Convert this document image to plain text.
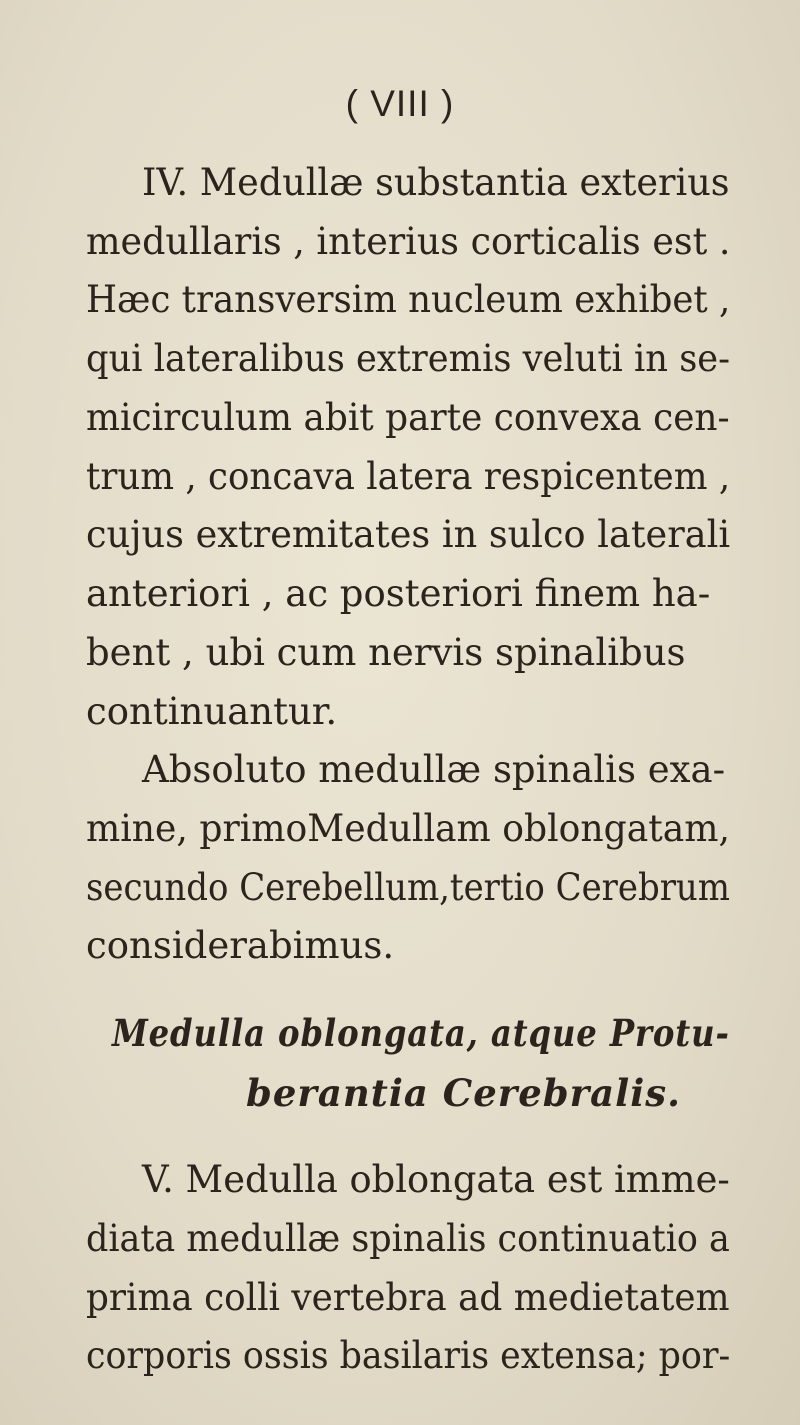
( VIII )
IV. Medullæ substantia exterius
medullaris , interius corticalis est .
Hæc transversim nucleum exhibet ,
qui lateralibus extremis veluti in se-
micirculum abit parte convexa cen-
trum , concava latera respicentem ,
cujus extremitates in sulco laterali
anteriori , ac posteriori finem ha-
bent , ubi cum nervis spinalibus
continuantur.
Absoluto medullæ spinalis exa-
mine, primoMedullam oblongatam,
secundo Cerebellum,tertio Cerebrum
considerabimus.
Medulla oblongata, atque Protu-
berantia Cerebralis.
V. Medulla oblongata est imme-
diata medullæ spinalis continuatio a
prima colli vertebra ad medietatem
corporis ossis basilaris extensa; por-
